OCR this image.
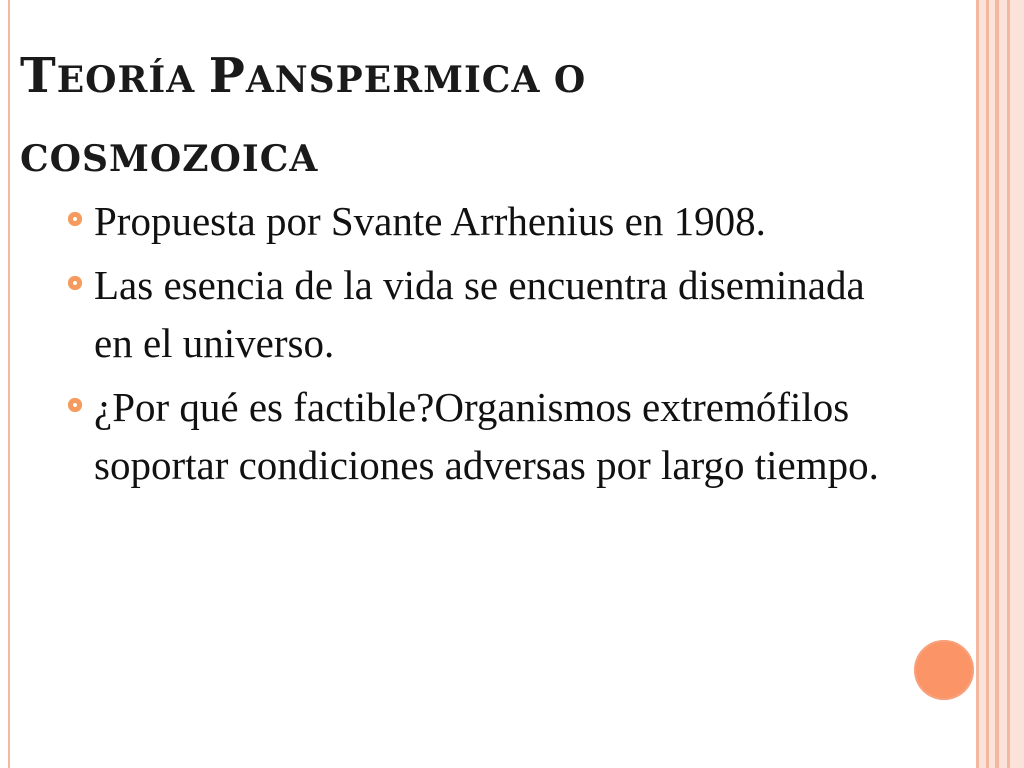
TEORÍA PANSPERMICA O
COSMOZOICA
Propuesta por Svante Arrhenius en 1908.
Las esencia de la vida se encuentra diseminada en el universo.
¿Por qué es factible?Organismos extremófilos soportar condiciones adversas por largo tiempo.
